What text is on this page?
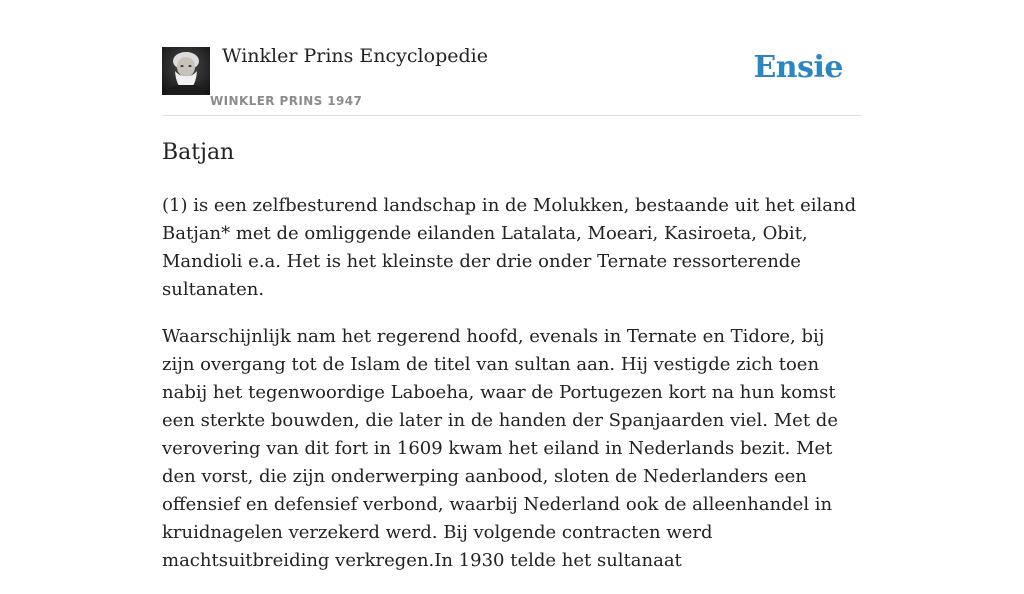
Winkler Prins Encyclopedie
WINKLER PRINS 1947
Ensie
Batjan

(1) is een zelfbesturend landschap in de Molukken, bestaande uit het eiland Batjan* met de omliggende eilanden Latalata, Moeari, Kasiroeta, Obit, Mandioli e.a. Het is het kleinste der drie onder Ternate ressorterende sultanaten.

Waarschijnlijk nam het regerend hoofd, evenals in Ternate en Tidore, bij zijn overgang tot de Islam de titel van sultan aan. Hij vestigde zich toen nabij het tegenwoordige Laboeha, waar de Portugezen kort na hun komst een sterkte bouwden, die later in de handen der Spanjaarden viel. Met de verovering van dit fort in 1609 kwam het eiland in Nederlands bezit. Met den vorst, die zijn onderwerping aanbood, sloten de Nederlanders een offensief en defensief verbond, waarbij Nederland ook de alleenhandel in kruidnagelen verzekerd werd. Bij volgende contracten werd machtsuitbreiding verkregen.In 1930 telde het sultanaat
